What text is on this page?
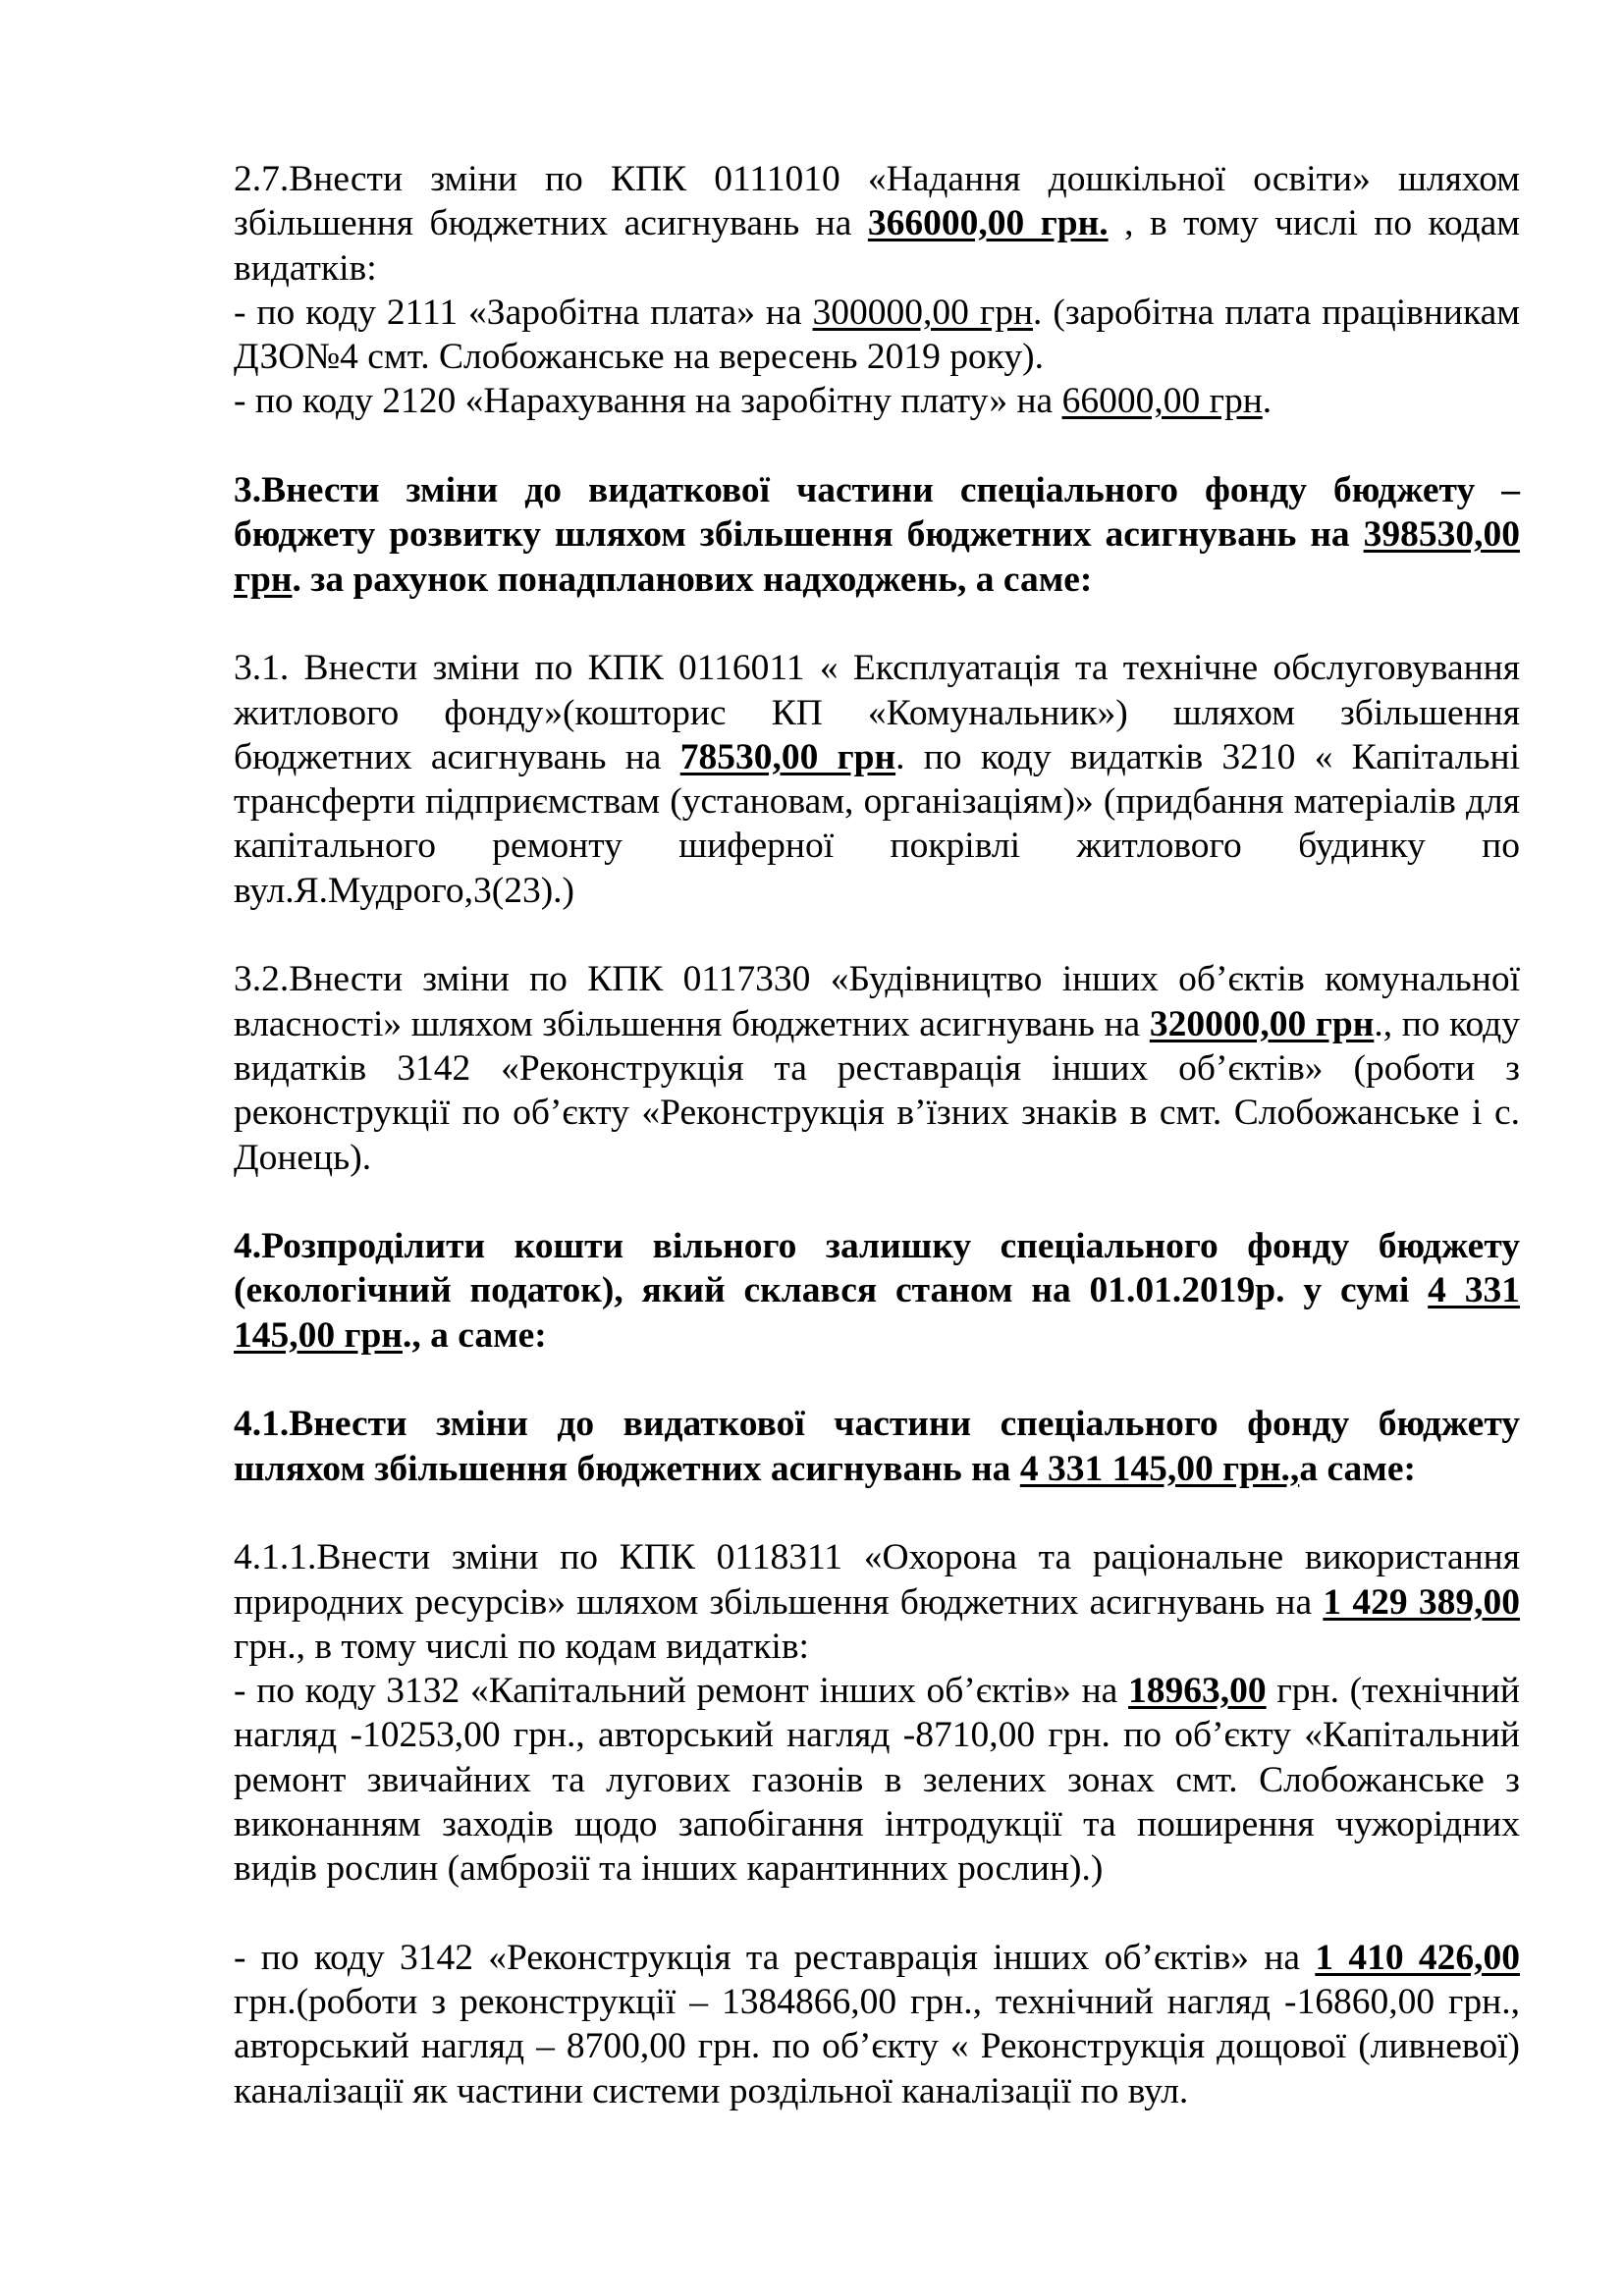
2.7.Внести зміни по КПК 0111010 «Надання дошкільної освіти» шляхом збільшення бюджетних асигнувань на 366000,00 грн. , в тому числі по кодам видатків:

- по коду 2111 «Заробітна плата» на 300000,00 грн. (заробітна плата працівникам ДЗО№4 смт. Слобожанське на вересень 2019 року).

- по коду 2120 «Нарахування на заробітну плату» на 66000,00 грн.

3.Внести зміни до видаткової частини спеціального фонду бюджету – бюджету розвитку шляхом збільшення бюджетних асигнувань на 398530,00 грн. за рахунок понадпланових надходжень, а саме:

3.1. Внести зміни по КПК 0116011 « Експлуатація та технічне обслуговування житлового фонду»(кошторис КП «Комунальник») шляхом збільшення бюджетних асигнувань на 78530,00 грн. по коду видатків 3210 « Капітальні трансферти підприємствам (установам, організаціям)» (придбання матеріалів для капітального ремонту шиферної покрівлі житлового будинку по вул.Я.Мудрого,3(23).)

3.2.Внести зміни по КПК 0117330 «Будівництво інших об’єктів комунальної власності» шляхом збільшення бюджетних асигнувань на 320000,00 грн., по коду видатків 3142 «Реконструкція та реставрація інших об’єктів» (роботи з реконструкції по об’єкту «Реконструкція в’їзних знаків в смт. Слобожанське і с. Донець).

4.Розпроділити кошти вільного залишку спеціального фонду бюджету (екологічний податок), який склався станом на 01.01.2019р. у сумі 4 331 145,00 грн., а саме:

4.1.Внести зміни до видаткової частини спеціального фонду бюджету шляхом збільшення бюджетних асигнувань на 4 331 145,00 грн.,а саме:

4.1.1.Внести зміни по КПК 0118311 «Охорона та раціональне використання природних ресурсів» шляхом збільшення бюджетних асигнувань на 1 429 389,00 грн., в тому числі по кодам видатків:

- по коду 3132 «Капітальний ремонт інших об’єктів» на 18963,00 грн. (технічний нагляд -10253,00 грн., авторський нагляд -8710,00 грн. по об’єкту «Капітальний ремонт звичайних та лугових газонів в зелених зонах смт. Слобожанське з виконанням заходів щодо запобігання інтродукції та поширення чужорідних видів рослин (амброзії та інших карантинних рослин).)

- по коду 3142 «Реконструкція та реставрація інших об’єктів» на 1 410 426,00 грн.(роботи з реконструкції – 1384866,00 грн., технічний нагляд -16860,00 грн., авторський нагляд – 8700,00 грн. по об’єкту « Реконструкція дощової (ливневої) каналізації як частини системи роздільної каналізації по вул.
